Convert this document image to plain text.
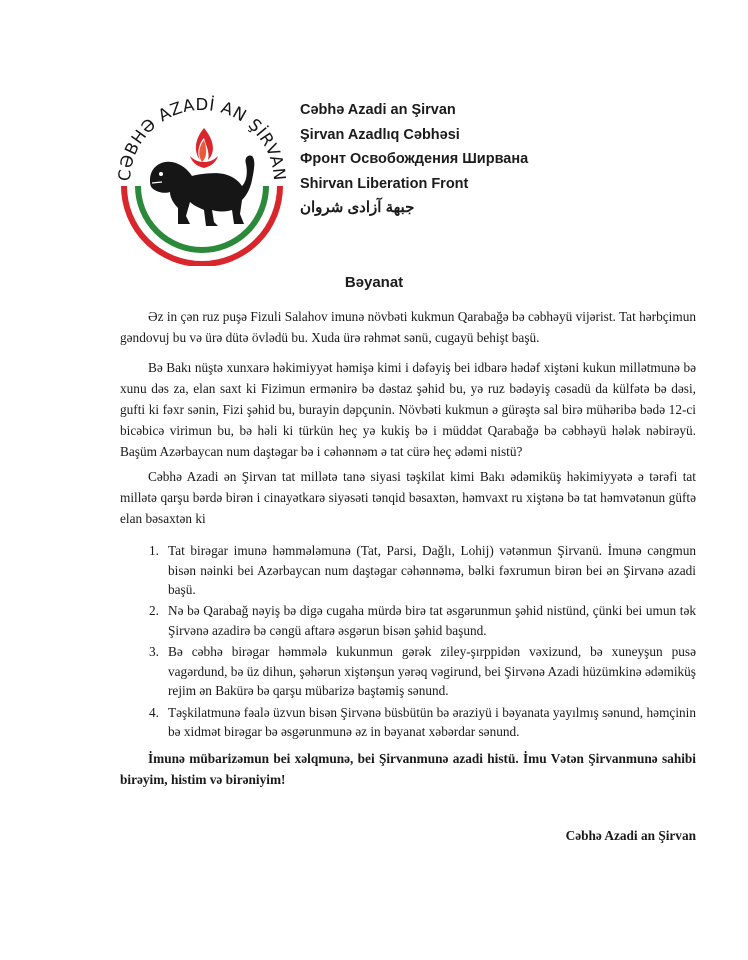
CƏBHƏ AZADİ AN ŞİRVAN
Cəbhə Azadi an Şirvan
Şirvan Azadlıq Cəbhəsi
Фронт Освобождения Ширвана
Shirvan Liberation Front
جبهة آزادی شروان
Bəyanat

Əz in çən ruz puşə Fizuli Salahov imunə növbəti kukmun Qarabağə bə cəbhəyü vijərist. Tat hərbçimun gəndovuj bu və ürə dütə övlədü bu. Xuda ürə rəhmət sənü, cugayü behişt başü.

Bə Bakı nüştə xunxarə həkimiyyət həmişə kimi i dəfəyiş bei idbarə hədəf xiştəni kukun millətmunə bə xunu dəs za, elan saxt ki Fizimun ermənirə bə dəstaz şəhid bu, yə ruz bədəyiş cəsadü da külfətə bə dəsi, gufti ki fəxr sənin, Fizi şəhid bu, burayin dəpçunin. Növbəti kukmun ə gürəştə sal birə mühəribə bədə 12-ci bicəbicə virimun bu, bə həli ki türkün heç yə kukiş bə i müddət Qarabağə bə cəbhəyü hələk nəbirəyü. Başüm Azərbaycan num daştəgar bə i cəhənnəm ə tat cürə heç ədəmi nistü?

Cəbhə Azadi ən Şirvan tat millətə tanə siyasi təşkilat kimi Bakı ədəmiküş həkimiyyətə ə tərəfi tat millətə qarşu bərdə birən i cinayətkarə siyəsəti tənqid bəsaxtən, həmvaxt ru xiştənə bə tat həmvətənun güftə elan bəsaxtən ki

1. Tat birəgar imunə həmmələmunə (Tat, Parsi, Dağlı, Lohij) vətənmun Şirvanü. İmunə cəngmun bisən nəinki bei Azərbaycan num daştəgar cəhənnəmə, bəlki fəxrumun birən bei ən Şirvanə azadi başü.
2. Nə bə Qarabağ nəyiş bə digə cugaha mürdə birə tat əsgərunmun şəhid nistünd, çünki bei umun tək Şirvənə azadirə bə cəngü aftarə əsgərun bisən şəhid başund.
3. Bə cəbhə birəgar həmmələ kukunmun gərək ziley-şırppidən vəxizund, bə xuneyşun pusə vagərdund, bə üz dihun, şəhərun xiştənşun yərəq vəgirund, bei Şirvənə Azadi hüzümkinə ədəmiküş rejim ən Bakürə bə qarşu mübarizə baştəmiş sənund.
4. Təşkilatmunə fəalə üzvun bisən Şirvənə büsbütün bə əraziyü i bəyanata yayılmış sənund, həmçinin bə xidmət birəgar bə əsgərunmunə əz in bəyanat xəbərdar sənund.

İmunə mübarizəmun bei xəlqmunə, bei Şirvanmunə azadi histü. İmu Vətən Şirvanmunə sahibi birəyim, histim və birəniyim!

Cəbhə Azadi an Şirvan
